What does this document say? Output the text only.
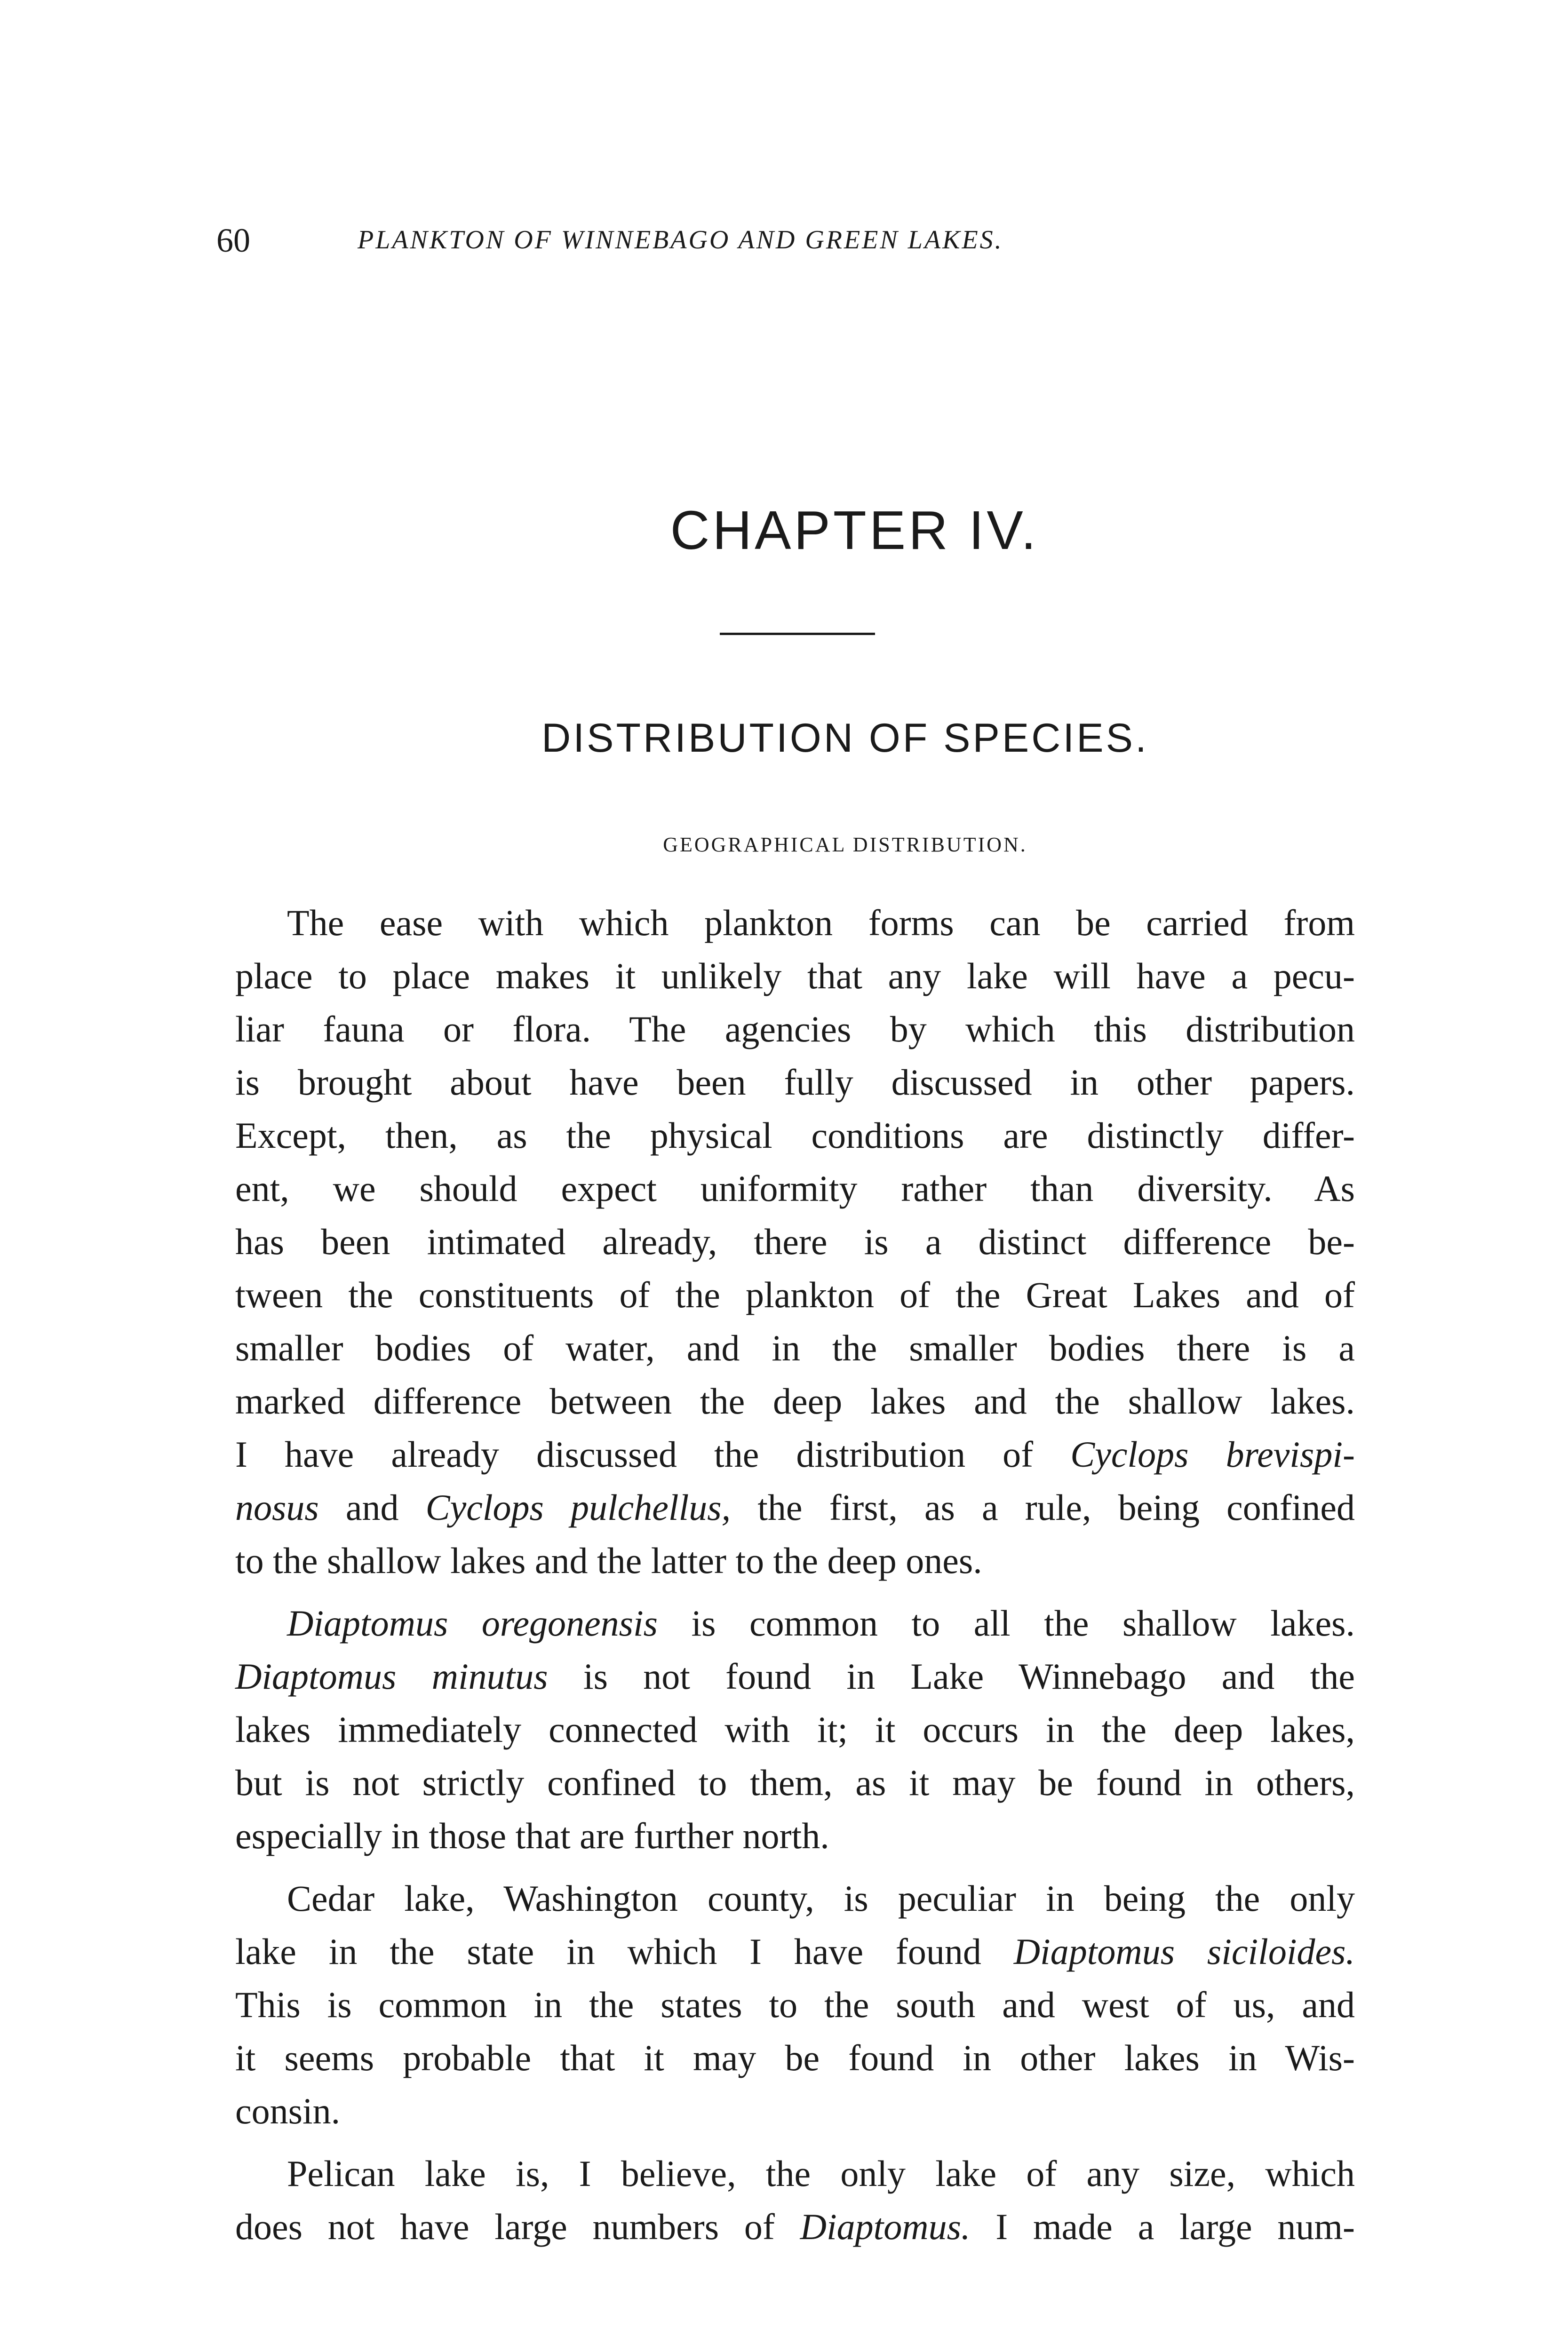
60	PLANKTON OF WINNEBAGO AND GREEN LAKES.
CHAPTER IV.
DISTRIBUTION OF SPECIES.
GEOGRAPHICAL DISTRIBUTION.
The ease with which plankton forms can be carried from
place to place makes it unlikely that any lake will have a pecu-
liar fauna or flora. The agencies by which this distribution
is brought about have been fully discussed in other papers.
Except, then, as the physical conditions are distinctly differ-
ent, we should expect uniformity rather than diversity. As
has been intimated already, there is a distinct difference be-
tween the constituents of the plankton of the Great Lakes and of
smaller bodies of water, and in the smaller bodies there is a
marked difference between the deep lakes and the shallow lakes.
I have already discussed the distribution of Cyclops brevispi-
nosus and Cyclops pulchellus, the first, as a rule, being confined
to the shallow lakes and the latter to the deep ones.
Diaptomus oregonensis is common to all the shallow lakes.
Diaptomus minutus is not found in Lake Winnebago and the
lakes immediately connected with it; it occurs in the deep lakes,
but is not strictly confined to them, as it may be found in others,
especially in those that are further north.
Cedar lake, Washington county, is peculiar in being the only
lake in the state in which I have found Diaptomus siciloides.
This is common in the states to the south and west of us, and
it seems probable that it may be found in other lakes in Wis-
consin.
Pelican lake is, I believe, the only lake of any size, which
does not have large numbers of Diaptomus. I made a large num-
